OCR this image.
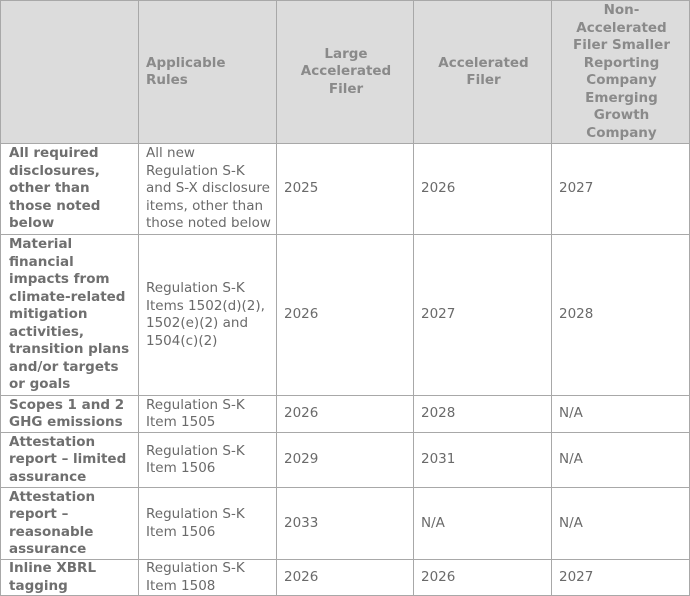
	Applicable Rules	Large Accelerated Filer	Accelerated Filer	Non-Accelerated Filer Smaller Reporting Company Emerging Growth Company
All required disclosures, other than those noted below	All new Regulation S-K and S-X disclosure items, other than those noted below	2025	2026	2027
Material financial impacts from climate-related mitigation activities, transition plans and/or targets or goals	Regulation S-K Items 1502(d)(2), 1502(e)(2) and 1504(c)(2)	2026	2027	2028
Scopes 1 and 2 GHG emissions	Regulation S-K Item 1505	2026	2028	N/A
Attestation report – limited assurance	Regulation S-K Item 1506	2029	2031	N/A
Attestation report – reasonable assurance	Regulation S-K Item 1506	2033	N/A	N/A
Inline XBRL tagging	Regulation S-K Item 1508	2026	2026	2027
